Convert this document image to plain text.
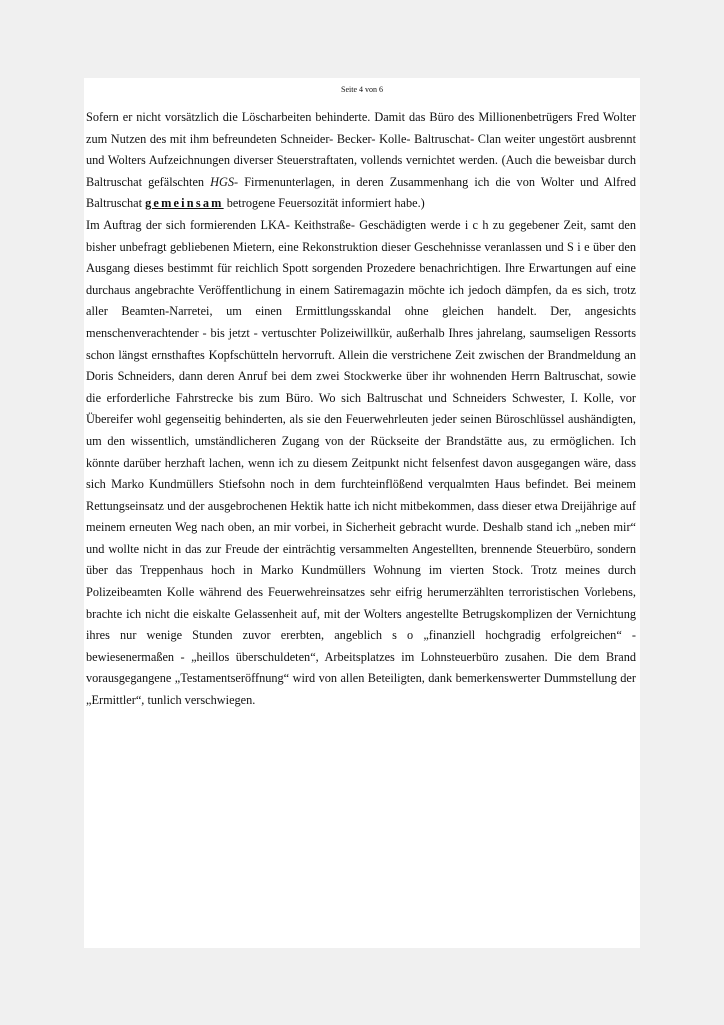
Seite 4 von 6

Sofern er nicht vorsätzlich die Löscharbeiten behinderte. Damit das Büro des Millionenbetrügers Fred Wolter zum Nutzen des mit ihm befreundeten Schneider- Becker- Kolle- Baltruschat- Clan weiter ungestört ausbrennt und Wolters Aufzeichnungen diverser Steuerstraftaten, vollends vernichtet werden. (Auch die beweisbar durch Baltruschat gefälschten HGS- Firmenunterlagen, in deren Zusammenhang ich die von Wolter und Alfred Baltruschat gemeinsam betrogene Feuersozität informiert habe.)

Im Auftrag der sich formierenden LKA- Keithstraße- Geschädigten werde i c h zu gegebener Zeit, samt den bisher unbefragt gebliebenen Mietern, eine Rekonstruktion dieser Geschehnisse veranlassen und S i e über den Ausgang dieses bestimmt für reichlich Spott sorgenden Prozedere benachrichtigen. Ihre Erwartungen auf eine durchaus angebrachte Veröffentlichung in einem Satiremagazin möchte ich jedoch dämpfen, da es sich, trotz aller Beamten-Narretei, um einen Ermittlungsskandal ohne gleichen handelt. Der, angesichts menschenverachtender - bis jetzt - vertuschter Polizeiwillkür, außerhalb Ihres jahrelang, saumseligen Ressorts schon längst ernsthaftes Kopfschütteln hervorruft. Allein die verstrichene Zeit zwischen der Brandmeldung an Doris Schneiders, dann deren Anruf bei dem zwei Stockwerke über ihr wohnenden Herrn Baltruschat, sowie die erforderliche Fahrstrecke bis zum Büro. Wo sich Baltruschat und Schneiders Schwester, I. Kolle, vor Übereifer wohl gegenseitig behinderten, als sie den Feuerwehrleuten jeder seinen Büroschlüssel aushändigten, um den wissentlich, umständlicheren Zugang von der Rückseite der Brandstätte aus, zu ermöglichen. Ich könnte darüber herzhaft lachen, wenn ich zu diesem Zeitpunkt nicht felsenfest davon ausgegangen wäre, dass sich Marko Kundmüllers Stiefsohn noch in dem furchteinflößend verqualmten Haus befindet. Bei meinem Rettungseinsatz und der ausgebrochenen Hektik hatte ich nicht mitbekommen, dass dieser etwa Dreijährige auf meinem erneuten Weg nach oben, an mir vorbei, in Sicherheit gebracht wurde. Deshalb stand ich „neben mir“ und wollte nicht in das zur Freude der einträchtig versammelten Angestellten, brennende Steuerbüro, sondern über das Treppenhaus hoch in Marko Kundmüllers Wohnung im vierten Stock. Trotz meines durch Polizeibeamten Kolle während des Feuerwehreinsatzes sehr eifrig herumerzählten terroristischen Vorlebens, brachte ich nicht die eiskalte Gelassenheit auf, mit der Wolters angestellte Betrugskomplizen der Vernichtung ihres nur wenige Stunden zuvor ererbten, angeblich s o „finanziell hochgradig erfolgreichen“ - bewiesenermaßen - „heillos überschuldeten“, Arbeitsplatzes im Lohnsteuerbüro zusahen. Die dem Brand vorausgegangene „Testamentseröffnung“ wird von allen Beteiligten, dank bemerkenswerter Dummstellung der „Ermittler“, tunlich verschwiegen.
